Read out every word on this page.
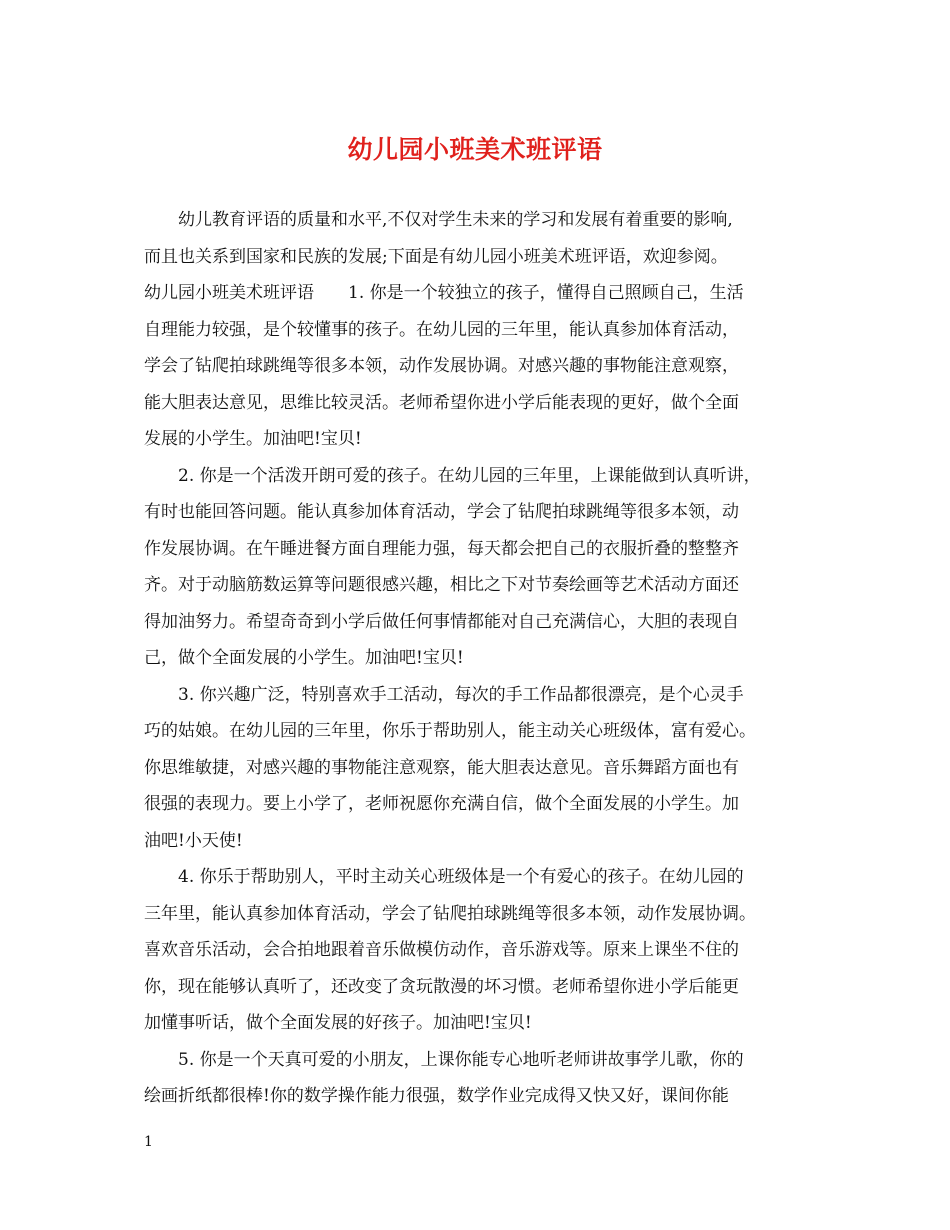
幼儿园小班美术班评语
幼儿教育评语的质量和水平,不仅对学生未来的学习和发展有着重要的影响,
而且也关系到国家和民族的发展;下面是有幼儿园小班美术班评语，欢迎参阅。
幼儿园小班美术班评语 1. 你是一个较独立的孩子，懂得自己照顾自己，生活
自理能力较强，是个较懂事的孩子。在幼儿园的三年里，能认真参加体育活动，
学会了钻爬拍球跳绳等很多本领，动作发展协调。对感兴趣的事物能注意观察，
能大胆表达意见，思维比较灵活。老师希望你进小学后能表现的更好，做个全面
发展的小学生。加油吧!宝贝!
2. 你是一个活泼开朗可爱的孩子。在幼儿园的三年里，上课能做到认真听讲，
有时也能回答问题。能认真参加体育活动，学会了钻爬拍球跳绳等很多本领，动
作发展协调。在午睡进餐方面自理能力强，每天都会把自己的衣服折叠的整整齐
齐。对于动脑筋数运算等问题很感兴趣，相比之下对节奏绘画等艺术活动方面还
得加油努力。希望奇奇到小学后做任何事情都能对自己充满信心，大胆的表现自
己，做个全面发展的小学生。加油吧!宝贝!
3. 你兴趣广泛，特别喜欢手工活动，每次的手工作品都很漂亮，是个心灵手
巧的姑娘。在幼儿园的三年里，你乐于帮助别人，能主动关心班级体，富有爱心。
你思维敏捷，对感兴趣的事物能注意观察，能大胆表达意见。音乐舞蹈方面也有
很强的表现力。要上小学了，老师祝愿你充满自信，做个全面发展的小学生。加
油吧!小天使!
4. 你乐于帮助别人，平时主动关心班级体是一个有爱心的孩子。在幼儿园的
三年里，能认真参加体育活动，学会了钻爬拍球跳绳等很多本领，动作发展协调。
喜欢音乐活动，会合拍地跟着音乐做模仿动作，音乐游戏等。原来上课坐不住的
你，现在能够认真听了，还改变了贪玩散漫的坏习惯。老师希望你进小学后能更
加懂事听话，做个全面发展的好孩子。加油吧!宝贝!
5. 你是一个天真可爱的小朋友，上课你能专心地听老师讲故事学儿歌，你的
绘画折纸都很棒!你的数学操作能力很强，数学作业完成得又快又好，课间你能
1
